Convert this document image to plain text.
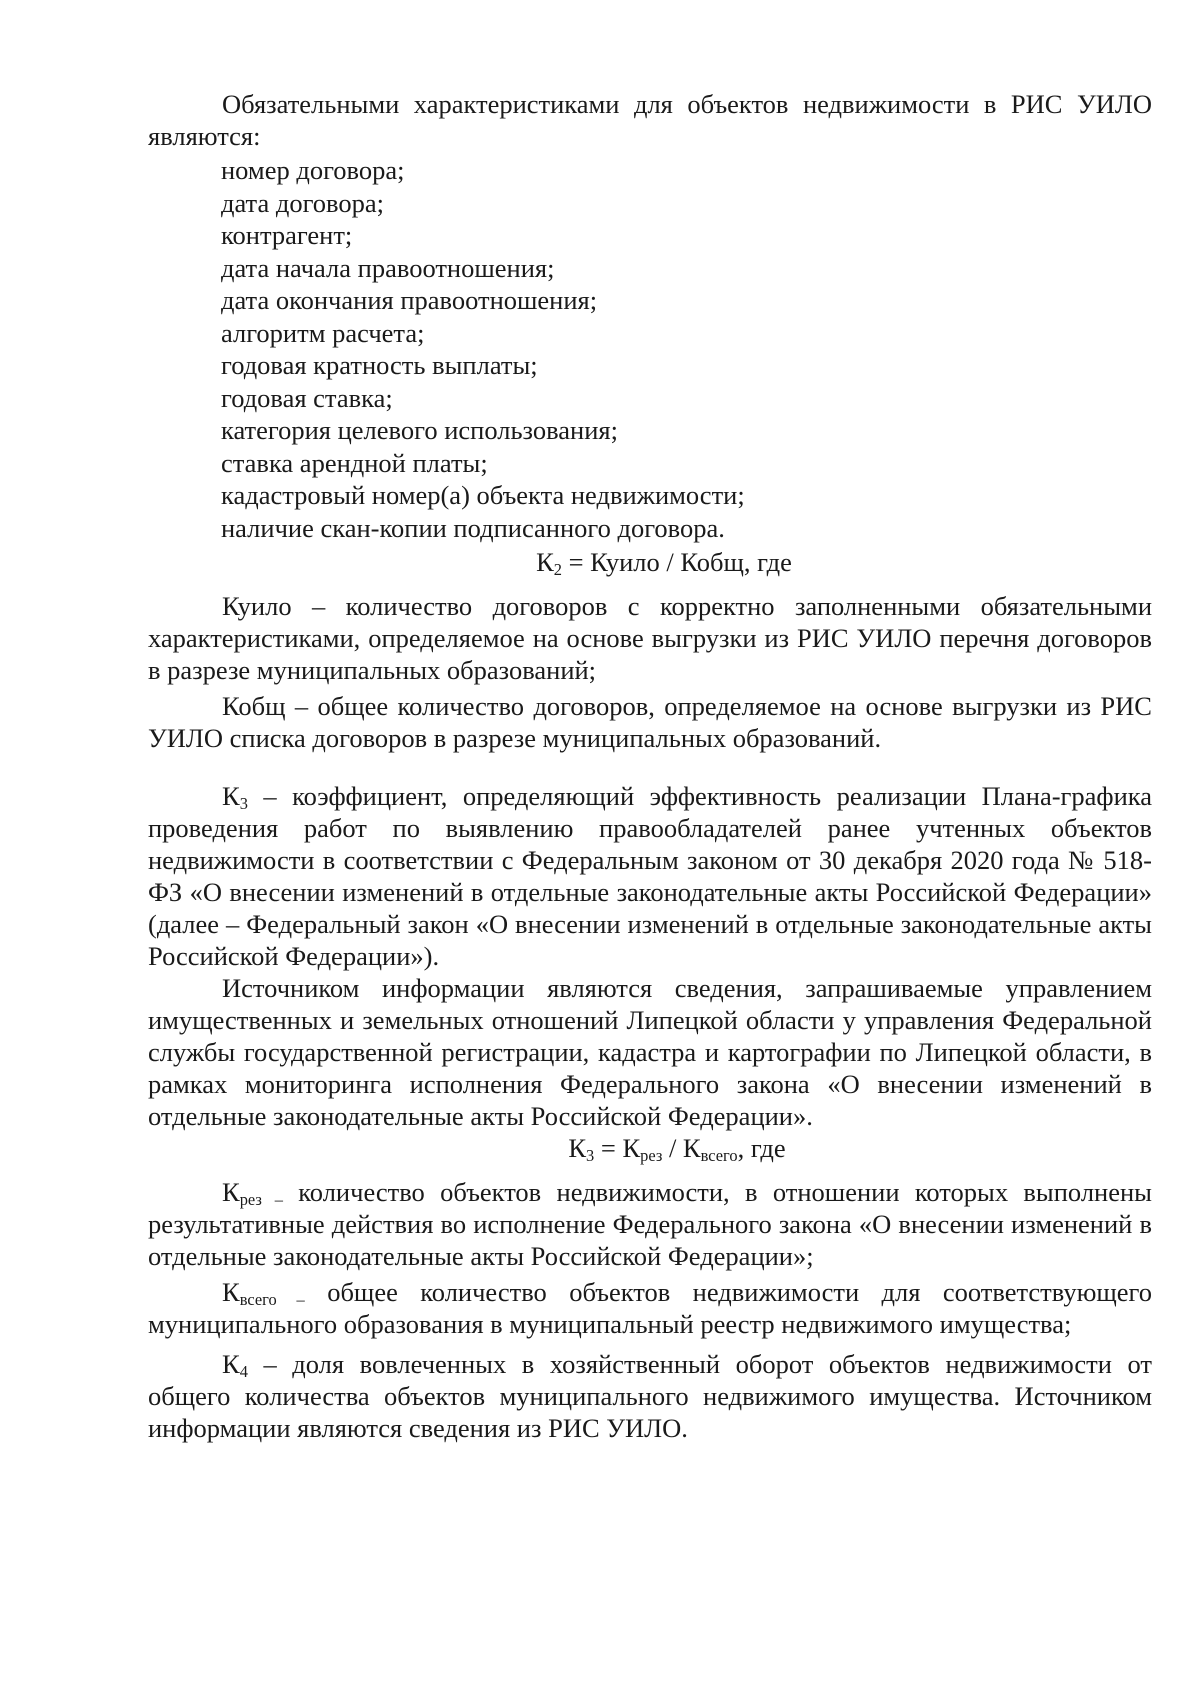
Обязательными характеристиками для объектов недвижимости в РИС УИЛО являются:

номер договора;
дата договора;
контрагент;
дата начала правоотношения;
дата окончания правоотношения;
алгоритм расчета;
годовая кратность выплаты;
годовая ставка;
категория целевого использования;
ставка арендной платы;
кадастровый номер(а) объекта недвижимости;
наличие скан-копии подписанного договора.

$К_2$ = Куило / Кобщ, где

Куило – количество договоров с корректно заполненными обязательными характеристиками, определяемое на основе выгрузки из РИС УИЛО перечня договоров в разрезе муниципальных образований;

Кобщ – общее количество договоров, определяемое на основе выгрузки из РИС УИЛО списка договоров в разрезе муниципальных образований.

$К_3$ – коэффициент, определяющий эффективность реализации Плана-графика проведения работ по выявлению правообладателей ранее учтенных объектов недвижимости в соответствии с Федеральным законом от 30 декабря 2020 года № 518-ФЗ «О внесении изменений в отдельные законодательные акты Российской Федерации» (далее – Федеральный закон «О внесении изменений в отдельные законодательные акты Российской Федерации»).

Источником информации являются сведения, запрашиваемые управлением имущественных и земельных отношений Липецкой области у управления Федеральной службы государственной регистрации, кадастра и картографии по Липецкой области, в рамках мониторинга исполнения Федерального закона «О внесении изменений в отдельные законодательные акты Российской Федерации».

$К_3 = К_{рез} / К_{всего}$, где

$К_{рез -}$ количество объектов недвижимости, в отношении которых выполнены результативные действия во исполнение Федерального закона «О внесении изменений в отдельные законодательные акты Российской Федерации»;

$К_{всего -}$ общее количество объектов недвижимости для соответствующего муниципального образования в муниципальный реестр недвижимого имущества;

$К_4$ – доля вовлеченных в хозяйственный оборот объектов недвижимости от общего количества объектов муниципального недвижимого имущества. Источником информации являются сведения из РИС УИЛО.
